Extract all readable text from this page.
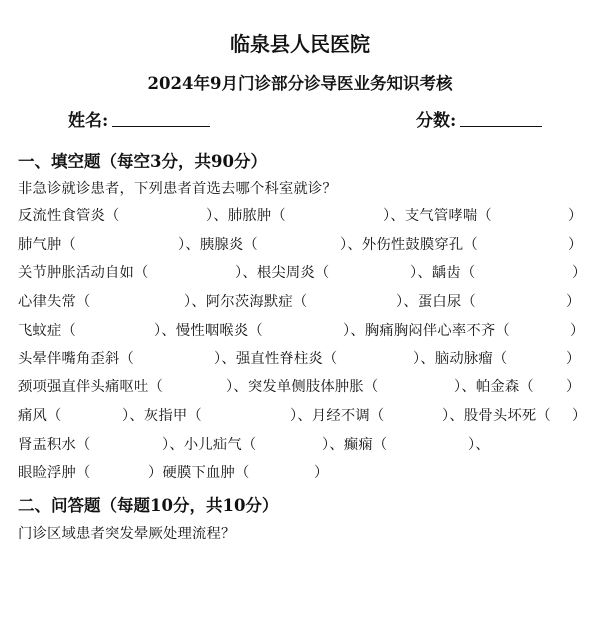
临泉县人民医院
2024年9月门诊部分诊导医业务知识考核
姓名:	分数:
一、填空题（每空3分，共90分）
非急诊就诊患者，下列患者首选去哪个科室就诊？
反流性食管炎（	）、肺脓肿（	）、支气管哮喘（	）
肺气肿（	）、胰腺炎（	）、外伤性鼓膜穿孔（	）
关节肿胀活动自如（	）、根尖周炎（	）、龋齿（	）
心律失常（	）、阿尔茨海默症（	）、蛋白尿（	）
飞蚊症（	）、慢性咽喉炎（	）、胸痛胸闷伴心率不齐（	）
头晕伴嘴角歪斜（	）、强直性脊柱炎（	）、脑动脉瘤（	）
颈项强直伴头痛呕吐（	）、突发单侧肢体肿胀（	）、帕金森（ ）
痛风（	）、灰指甲（	）、月经不调（	）、股骨头坏死（ ）
肾盂积水（	）、小儿疝气（	）、癫痫（	）、
眼睑浮肿（	）硬膜下血肿（	）
二、问答题（每题10分，共10分）
门诊区域患者突发晕厥处理流程？
